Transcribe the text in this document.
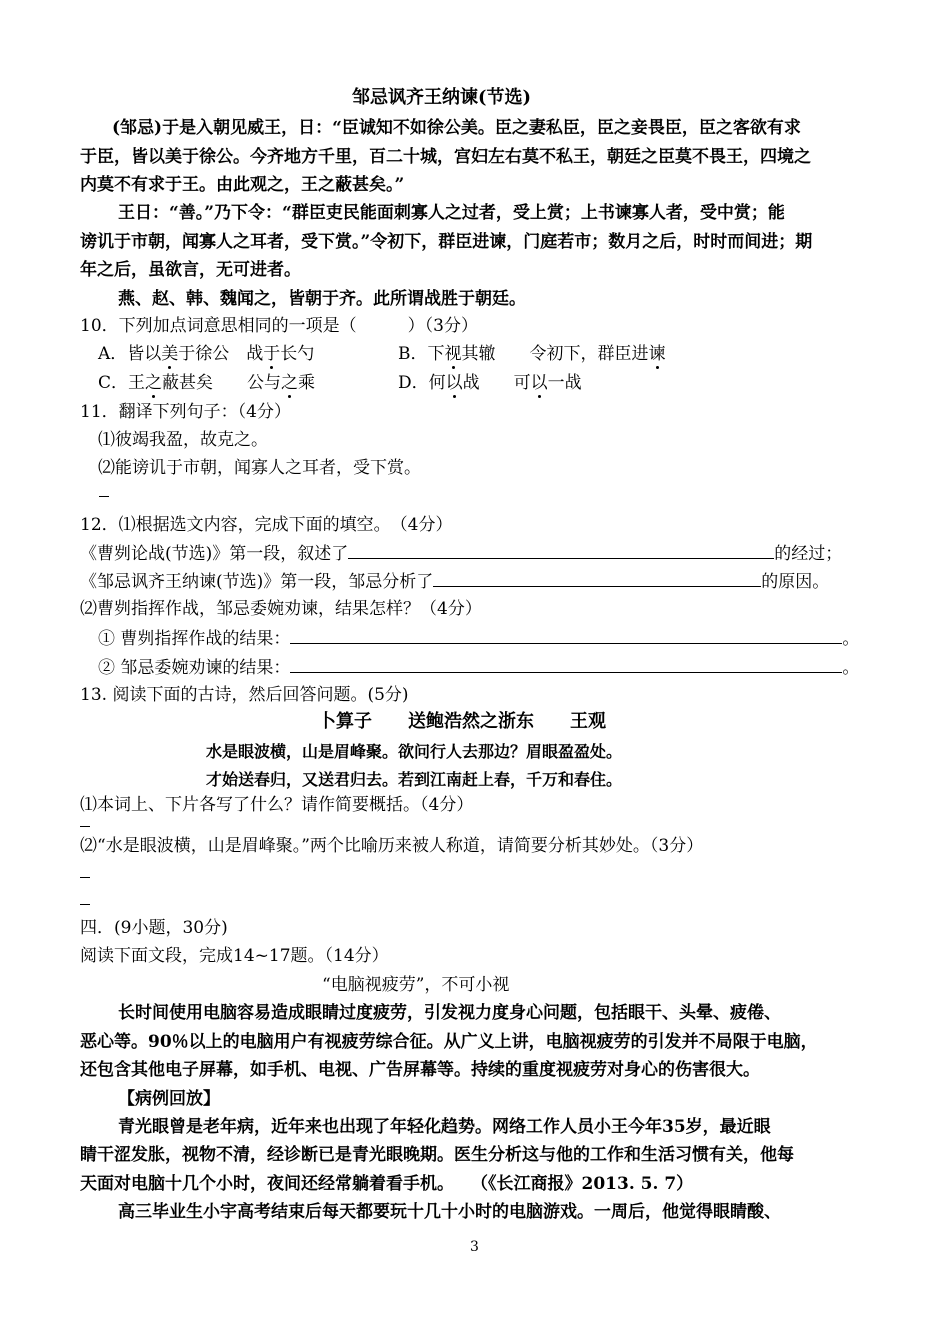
邹忌讽齐王纳谏(节选)
(邹忌)于是入朝见威王，日：“臣诚知不如徐公美。臣之妻私臣，臣之妾畏臣，臣之客欲有求
于臣，皆以美于徐公。今齐地方千里，百二十城，宫妇左右莫不私王，朝廷之臣莫不畏王，四境之
内莫不有求于王。由此观之，王之蔽甚矣。”
王日：“善。”乃下令：“群臣吏民能面刺寡人之过者，受上赏；上书谏寡人者，受中赏；能
谤讥于市朝，闻寡人之耳者，受下赏。”令初下，群臣进谏，门庭若市；数月之后，时时而间进；期
年之后，虽欲言，无可进者。
燕、赵、韩、魏闻之，皆朝于齐。此所谓战胜于朝廷。
10．下列加点词意思相同的一项是（　　　）（3分）
A．皆以美于徐公　战于长勺	B．下视其辙　　令初下，群臣进谏
C．王之蔽甚矣　　公与之乘	D．何以战　　可以一战
11．翻译下列句子：（4分）
⑴彼竭我盈，故克之。
⑵能谤讥于市朝，闻寡人之耳者，受下赏。
12．⑴根据选文内容，完成下面的填空。　（4分）
《曹刿论战(节选)》第一段，叙述了	的经过；
《邹忌讽齐王纳谏(节选)》第一段，邹忌分析了	的原因。
⑵曹刿指挥作战，邹忌委婉劝谏，结果怎样？（4分）
① 曹刿指挥作战的结果：	。
② 邹忌委婉劝谏的结果：	。
13. 阅读下面的古诗，然后回答问题。(5分)
卜算子　　送鲍浩然之浙东　　王观
水是眼波横，山是眉峰聚。欲问行人去那边？眉眼盈盈处。
才始送春归，又送君归去。若到江南赶上春，千万和春住。
⑴本词上、下片各写了什么？请作简要概括。（4分）
⑵“水是眼波横，山是眉峰聚。”两个比喻历来被人称道，请简要分析其妙处。（3分）
四．(9小题，30分)
阅读下面文段，完成14~17题。（14分）
“电脑视疲劳”，不可小视
长时间使用电脑容易造成眼睛过度疲劳，引发视力度身心问题，包括眼干、头晕、疲倦、
恶心等。90％以上的电脑用户有视疲劳综合征。从广义上讲，电脑视疲劳的引发并不局限于电脑，
还包含其他电子屏幕，如手机、电视、广告屏幕等。持续的重度视疲劳对身心的伤害很大。
【病例回放】
青光眼曾是老年病，近年来也出现了年轻化趋势。网络工作人员小王今年35岁，最近眼
睛干涩发胀，视物不清，经诊断已是青光眼晚期。医生分析这与他的工作和生活习惯有关，他每
天面对电脑十几个小时，夜间还经常躺着看手机。　　（《长江商报》2013. 5. 7）
高三毕业生小宇高考结束后每天都要玩十几十小时的电脑游戏。一周后，他觉得眼睛酸、
3
